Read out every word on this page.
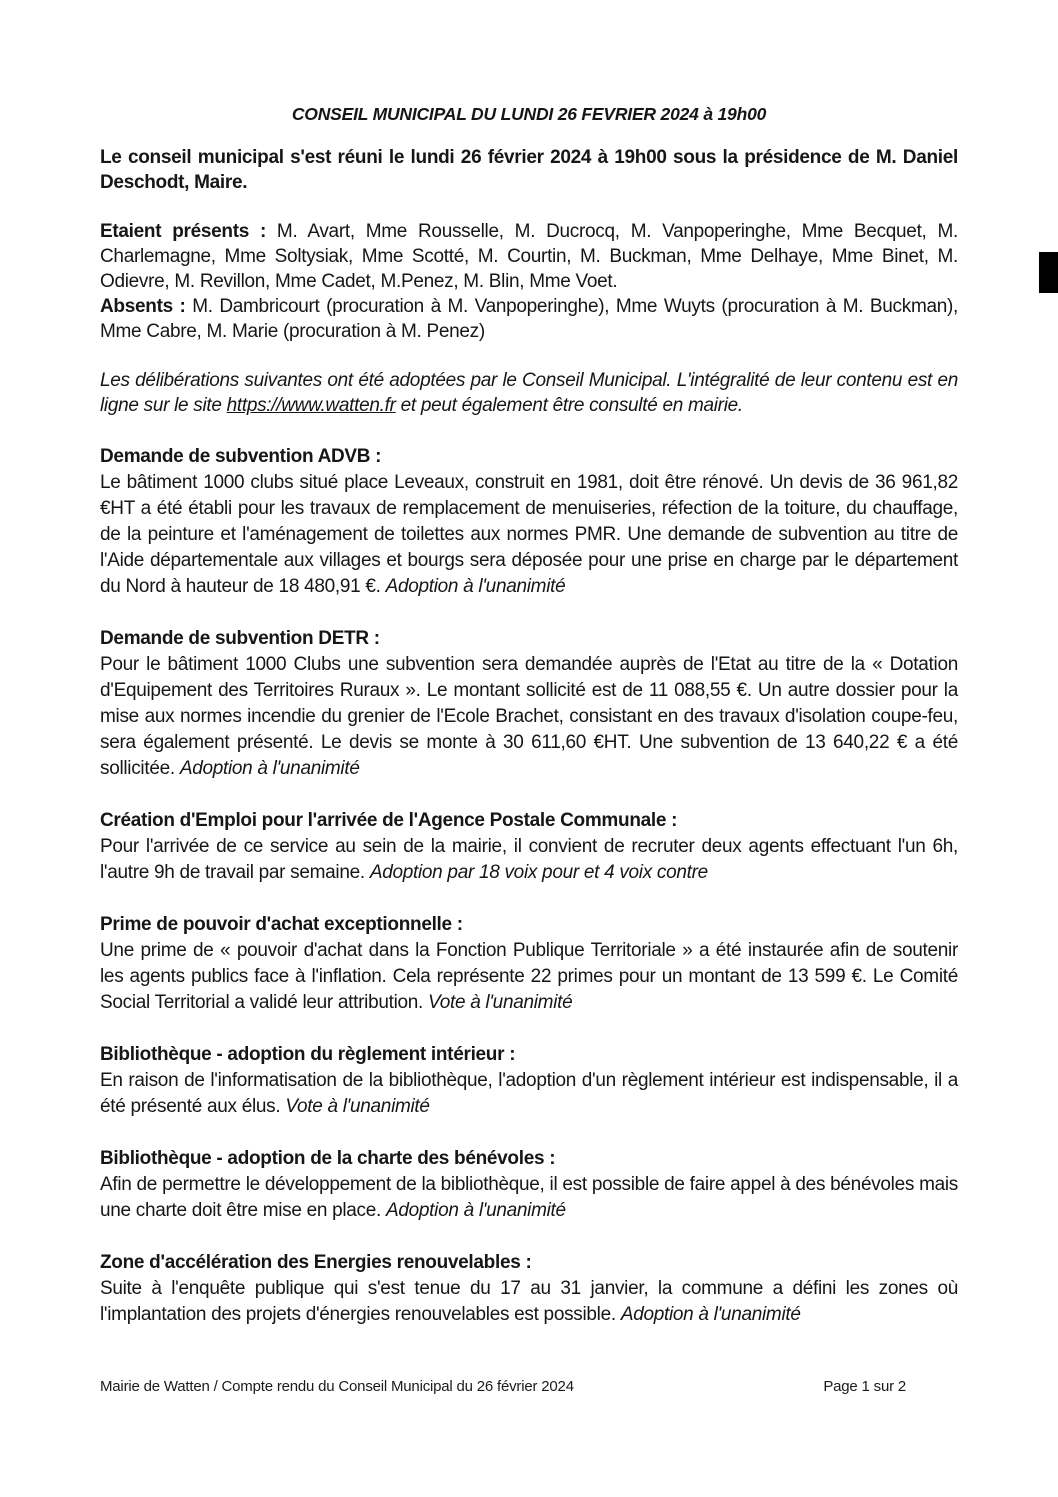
CONSEIL MUNICIPAL DU LUNDI 26 FEVRIER 2024 à 19h00

Le conseil municipal s'est réuni le lundi 26 février 2024 à 19h00 sous la présidence de M. Daniel Deschodt, Maire.

Etaient présents : M. Avart, Mme Rousselle, M. Ducrocq, M. Vanpoperinghe, Mme Becquet, M. Charlemagne, Mme Soltysiak, Mme Scotté, M. Courtin, M. Buckman, Mme Delhaye, Mme Binet, M. Odievre, M. Revillon, Mme Cadet, M.Penez, M. Blin, Mme Voet.

Absents : M. Dambricourt (procuration à M. Vanpoperinghe), Mme Wuyts (procuration à M. Buckman), Mme Cabre, M. Marie (procuration à M. Penez)

Les délibérations suivantes ont été adoptées par le Conseil Municipal. L'intégralité de leur contenu est en ligne sur le site https://www.watten.fr et peut également être consulté en mairie.

Demande de subvention ADVB :

Le bâtiment 1000 clubs situé place Leveaux, construit en 1981, doit être rénové. Un devis de 36 961,82 €HT a été établi pour les travaux de remplacement de menuiseries, réfection de la toiture, du chauffage, de la peinture et l'aménagement de toilettes aux normes PMR. Une demande de subvention au titre de l'Aide départementale aux villages et bourgs sera déposée pour une prise en charge par le département du Nord à hauteur de 18 480,91 €. Adoption à l'unanimité

Demande de subvention DETR :

Pour le bâtiment 1000 Clubs une subvention sera demandée auprès de l'Etat au titre de la « Dotation d'Equipement des Territoires Ruraux ». Le montant sollicité est de 11 088,55 €. Un autre dossier pour la mise aux normes incendie du grenier de l'Ecole Brachet, consistant en des travaux d'isolation coupe-feu, sera également présenté. Le devis se monte à 30 611,60 €HT. Une subvention de 13 640,22 € a été sollicitée. Adoption à l'unanimité

Création d'Emploi pour l'arrivée de l'Agence Postale Communale :

Pour l'arrivée de ce service au sein de la mairie, il convient de recruter deux agents effectuant l'un 6h, l'autre 9h de travail par semaine. Adoption par 18 voix pour et 4 voix contre

Prime de pouvoir d'achat exceptionnelle :

Une prime de « pouvoir d'achat dans la Fonction Publique Territoriale » a été instaurée afin de soutenir les agents publics face à l'inflation. Cela représente 22 primes pour un montant de 13 599 €. Le Comité Social Territorial a validé leur attribution. Vote à l'unanimité

Bibliothèque - adoption du règlement intérieur :

En raison de l'informatisation de la bibliothèque, l'adoption d'un règlement intérieur est indispensable, il a été présenté aux élus. Vote à l'unanimité

Bibliothèque - adoption de la charte des bénévoles :

Afin de permettre le développement de la bibliothèque, il est possible de faire appel à des bénévoles mais une charte doit être mise en place. Adoption à l'unanimité

Zone d'accélération des Energies renouvelables :

Suite à l'enquête publique qui s'est tenue du 17 au 31 janvier, la commune a défini les zones où l'implantation des projets d'énergies renouvelables est possible. Adoption à l'unanimité

Mairie de Watten / Compte rendu du Conseil Municipal du 26 février 2024	Page 1 sur 2
